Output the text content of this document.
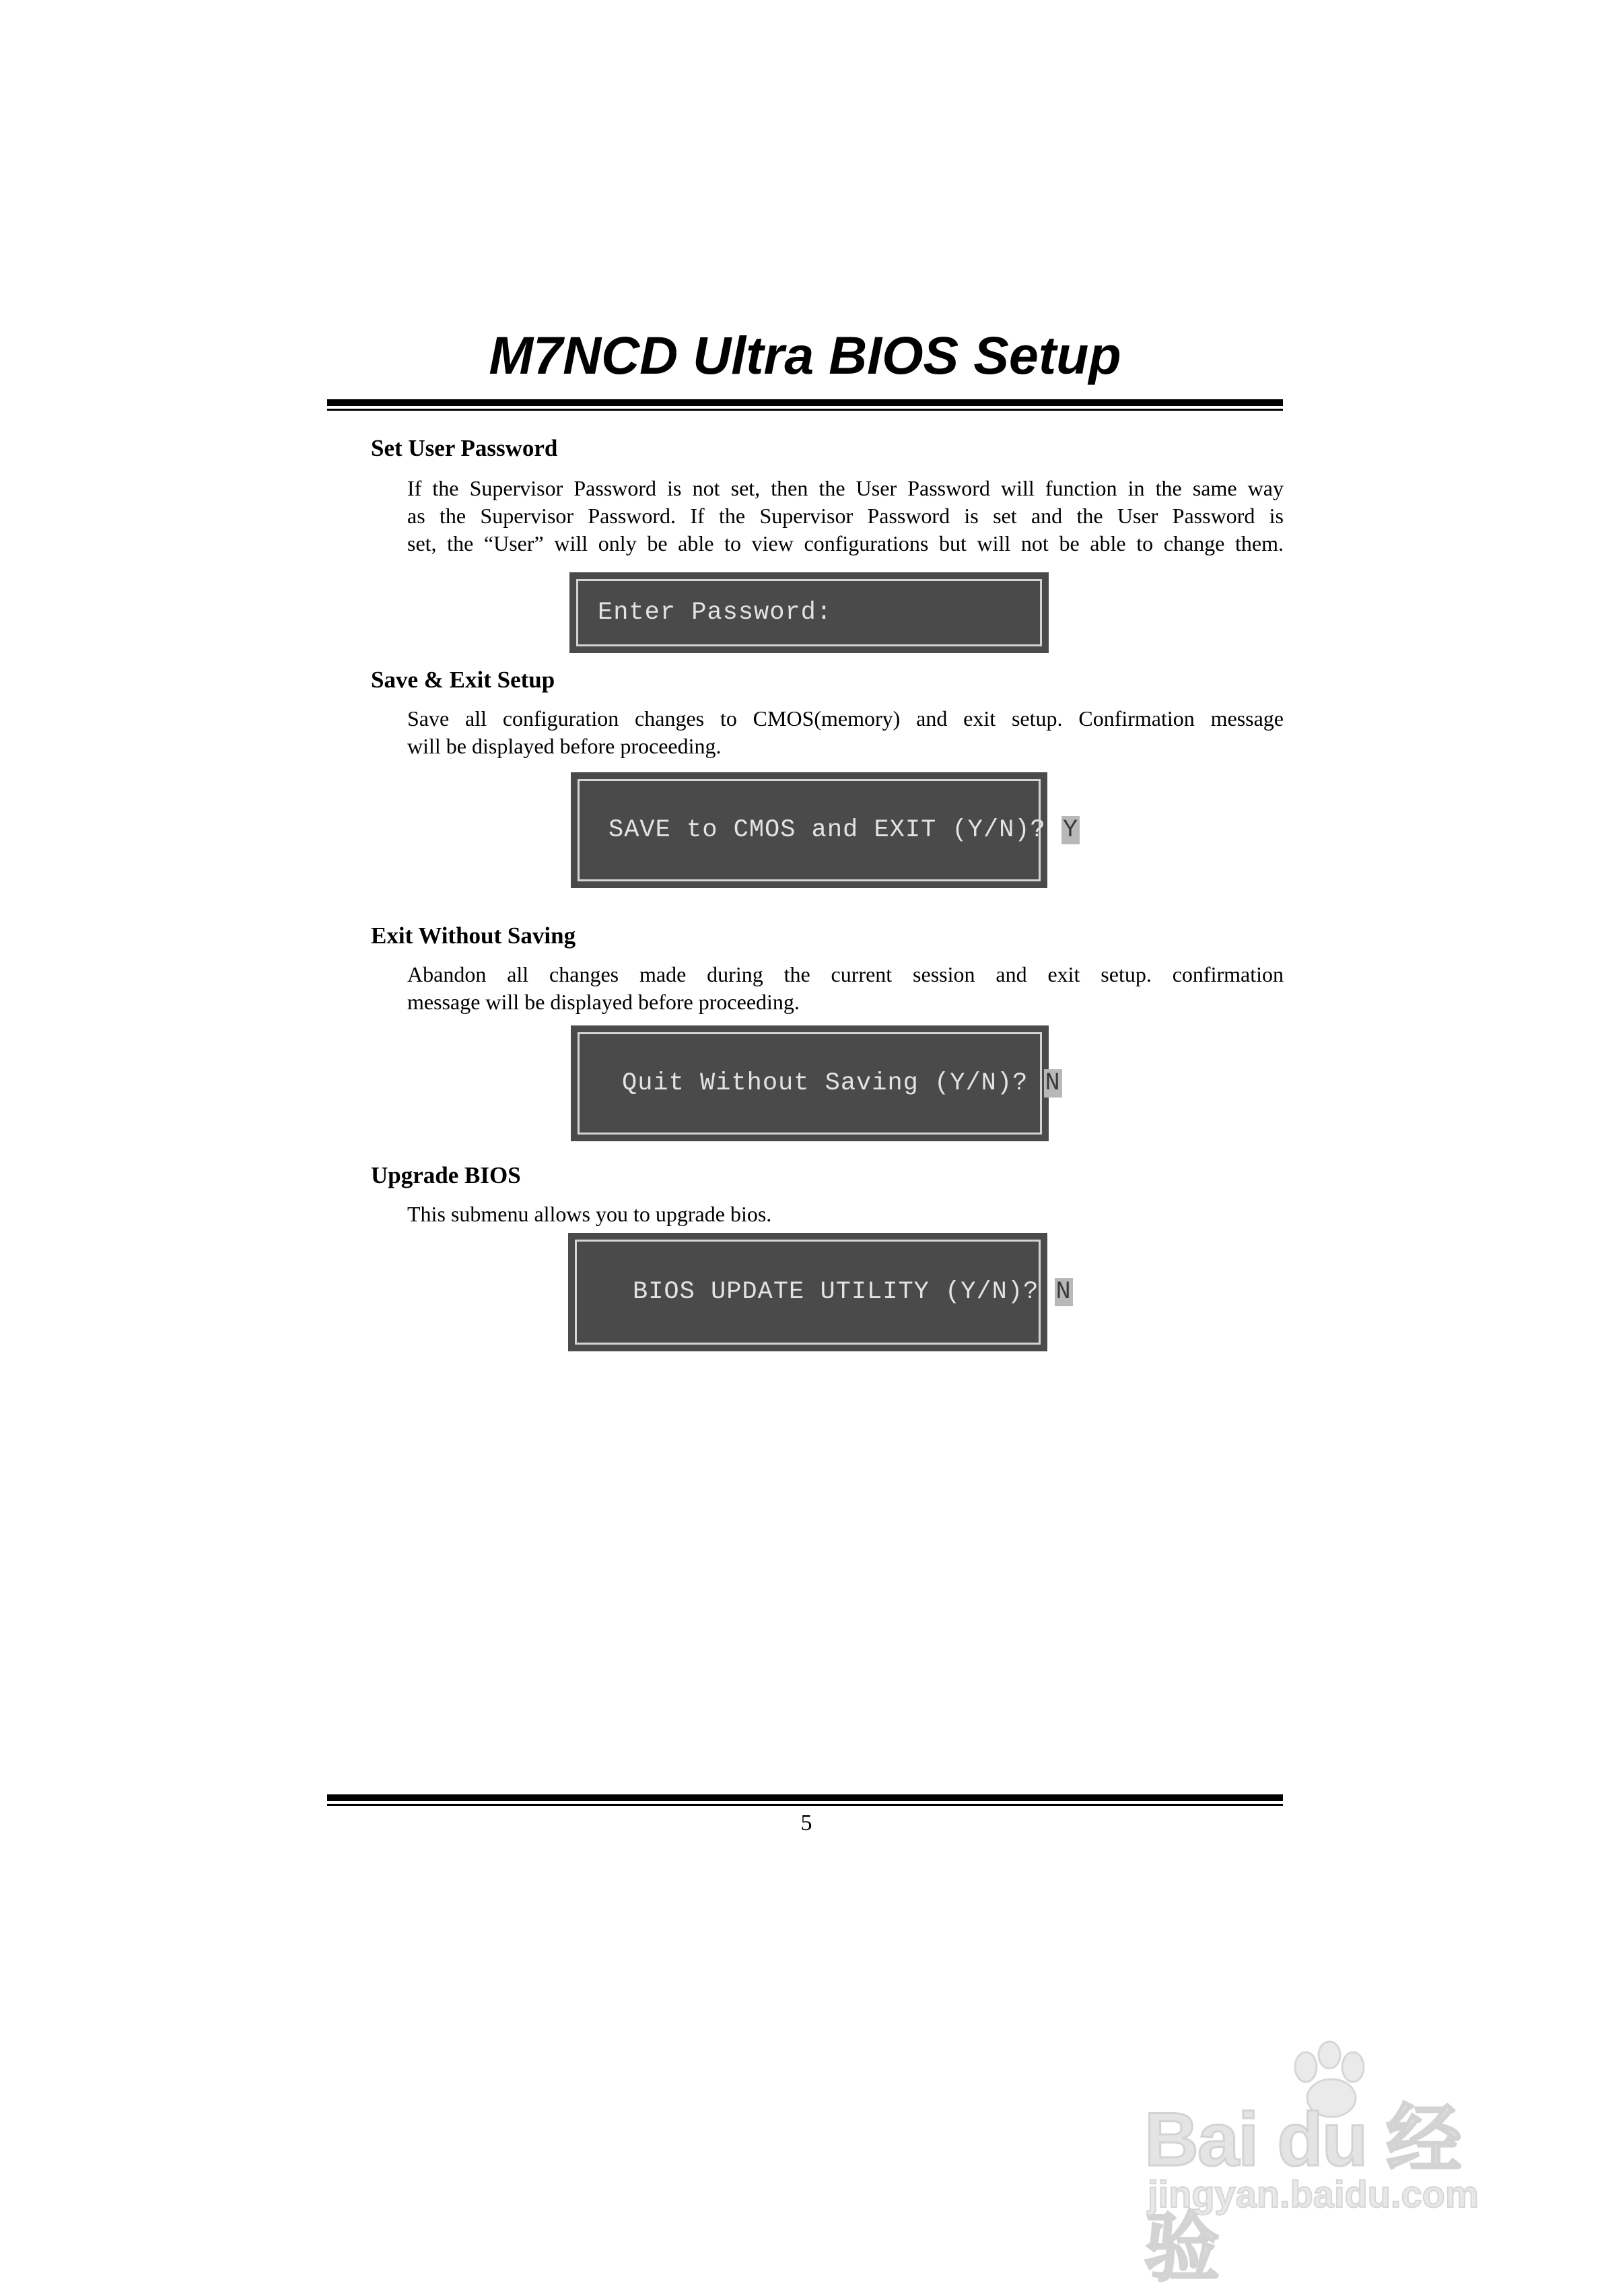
M7NCD Ultra BIOS Setup
Set User Password
If the Supervisor Password is not set, then the User Password will function in the same way
as the Supervisor Password. If the Supervisor Password is set and the User Password is
set, the “User” will only be able to view configurations but will not be able to change them.
Enter Password:
Save & Exit Setup
Save all configuration changes to CMOS(memory) and exit setup. Confirmation message
will be displayed before proceeding.
SAVE to CMOS and EXIT (Y/N)? Y
Exit Without Saving
Abandon all changes made during the current session and exit setup. confirmation
message will be displayed before proceeding.
Quit Without Saving (Y/N)? N
Upgrade BIOS
This submenu allows you to upgrade bios.
BIOS UPDATE UTILITY (Y/N)? N
5
Bai du 经验
jingyan.baidu.com
